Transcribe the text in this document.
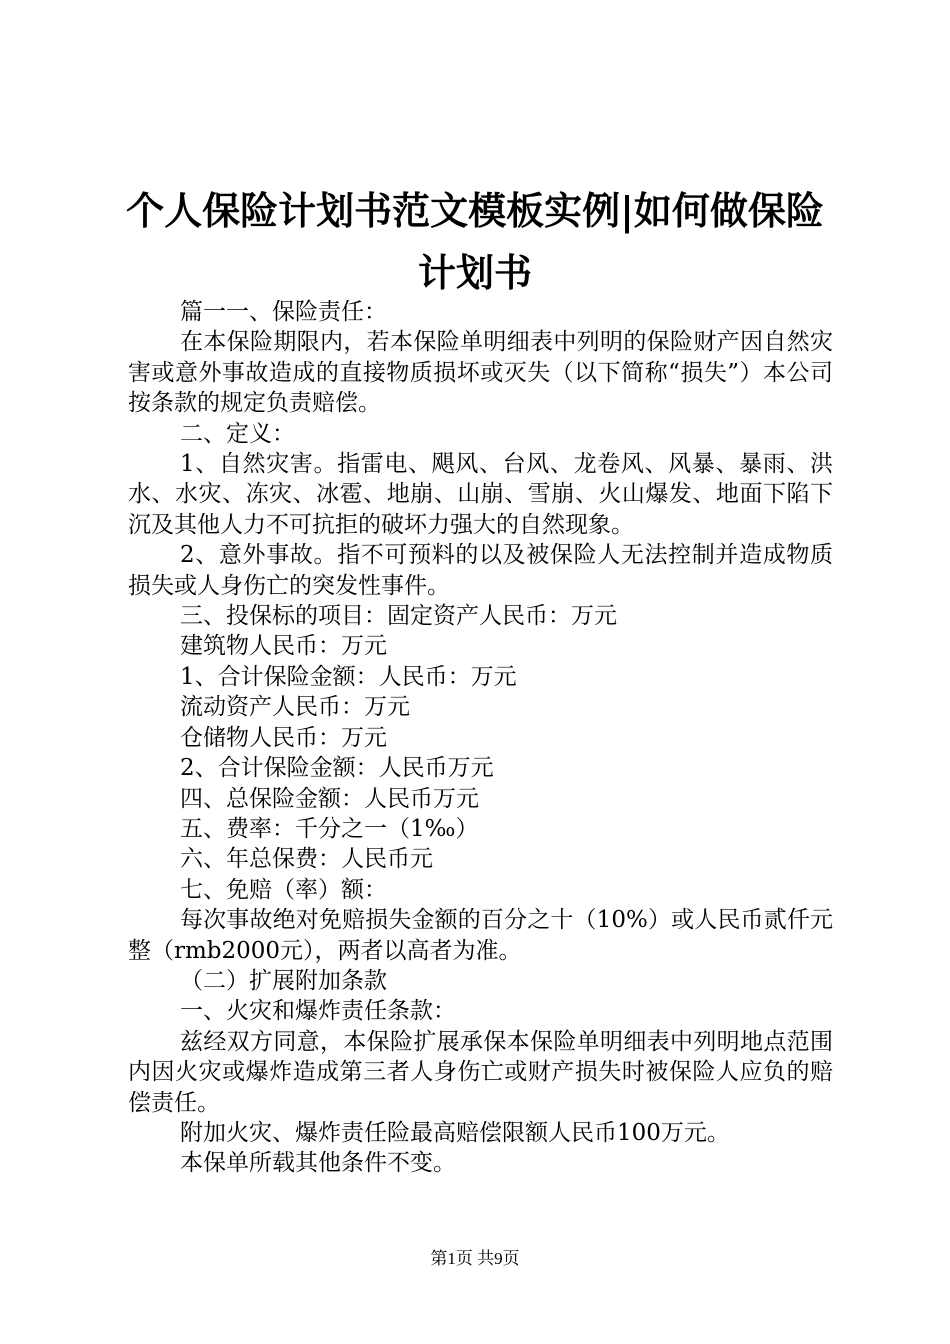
个人保险计划书范文模板实例|如何做保险计划书

篇一一、保险责任：

在本保险期限内，若本保险单明细表中列明的保险财产因自然灾害或意外事故造成的直接物质损坏或灭失（以下简称“损失”）本公司按条款的规定负责赔偿。

二、定义：

1、自然灾害。指雷电、飓风、台风、龙卷风、风暴、暴雨、洪水、水灾、冻灾、冰雹、地崩、山崩、雪崩、火山爆发、地面下陷下沉及其他人力不可抗拒的破坏力强大的自然现象。

2、意外事故。指不可预料的以及被保险人无法控制并造成物质损失或人身伤亡的突发性事件。

三、投保标的项目：固定资产人民币：万元

建筑物人民币：万元

1、合计保险金额：人民币：万元

流动资产人民币：万元

仓储物人民币：万元

2、合计保险金额：人民币万元

四、总保险金额：人民币万元

五、费率：千分之一（1‰）

六、年总保费：人民币元

七、免赔（率）额：

每次事故绝对免赔损失金额的百分之十（10%）或人民币贰仟元整（rmb2000元），两者以高者为准。

（二）扩展附加条款

一、火灾和爆炸责任条款：

兹经双方同意，本保险扩展承保本保险单明细表中列明地点范围内因火灾或爆炸造成第三者人身伤亡或财产损失时被保险人应负的赔偿责任。

附加火灾、爆炸责任险最高赔偿限额人民币100万元。

本保单所载其他条件不变。

第1页 共9页
